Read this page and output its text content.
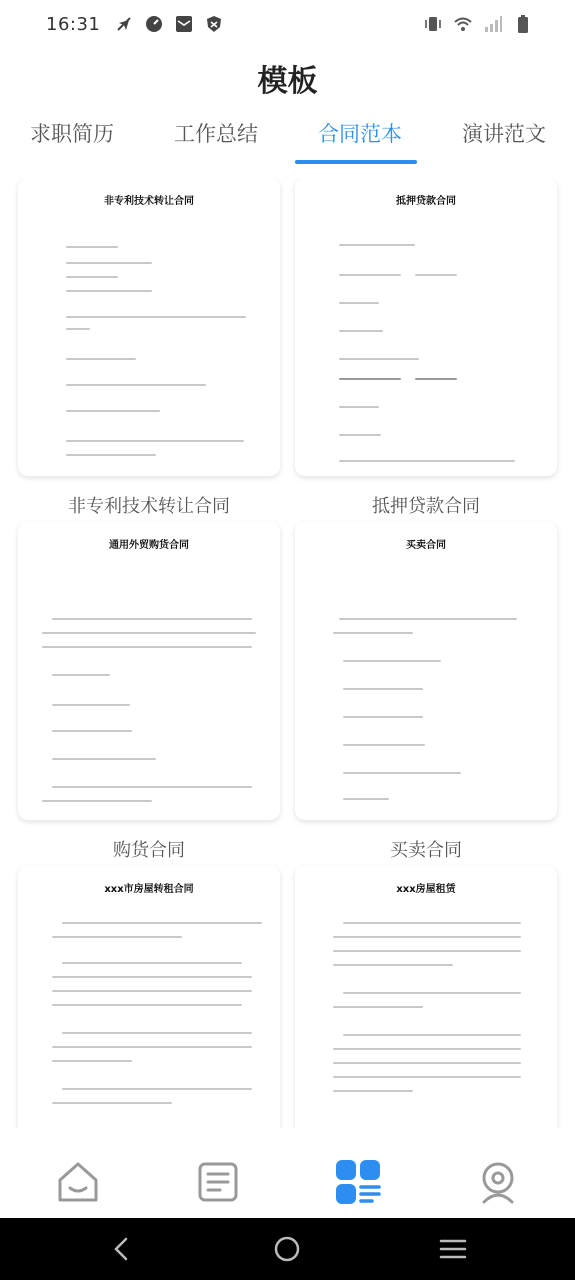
16:31
模板
求职简历	工作总结	合同范本	演讲范文
非专利技术转让合同
非专利技术转让合同
抵押贷款合同
抵押贷款合同
通用外贸购货合同
购货合同
买卖合同
买卖合同
xxx市房屋转租合同	xxx房屋租赁
